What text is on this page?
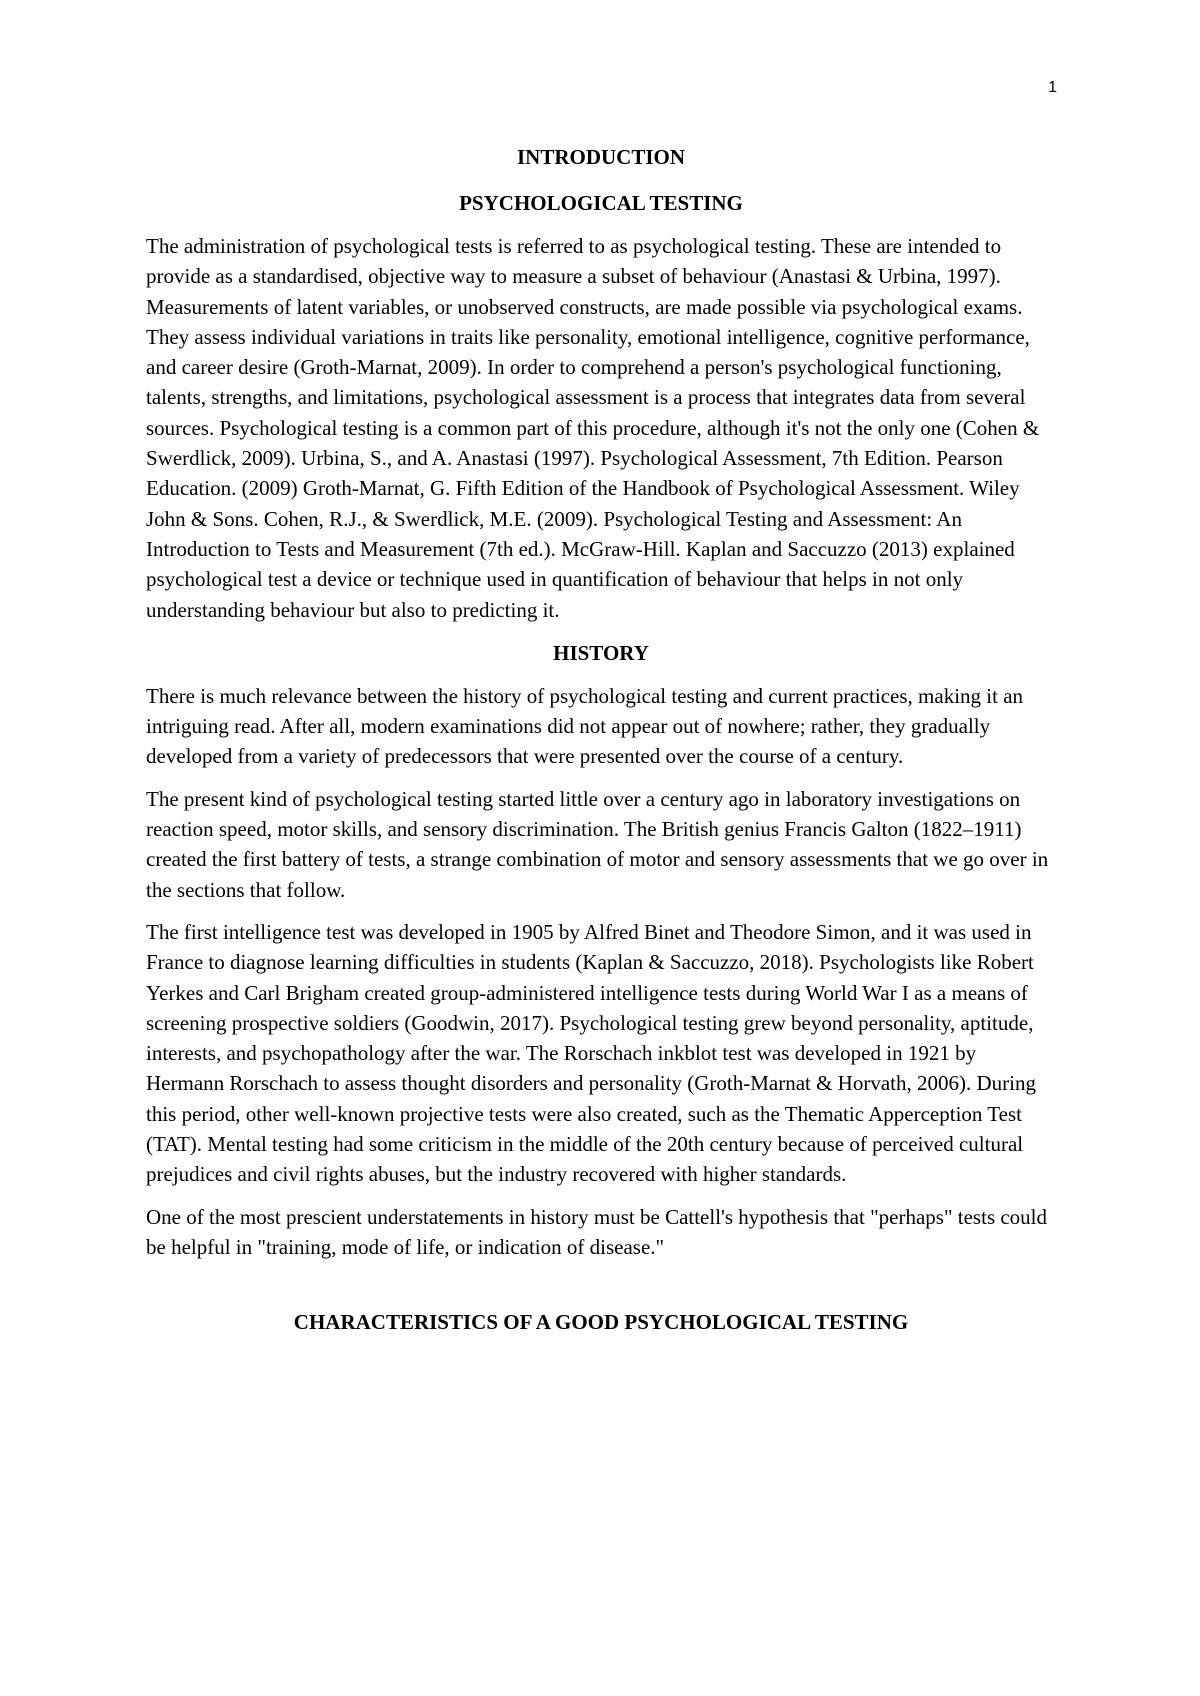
1
INTRODUCTION
PSYCHOLOGICAL TESTING

The administration of psychological tests is referred to as psychological testing. These are intended to provide as a standardised, objective way to measure a subset of behaviour (Anastasi & Urbina, 1997). Measurements of latent variables, or unobserved constructs, are made possible via psychological exams. They assess individual variations in traits like personality, emotional intelligence, cognitive performance, and career desire (Groth-Marnat, 2009). In order to comprehend a person's psychological functioning, talents, strengths, and limitations, psychological assessment is a process that integrates data from several sources. Psychological testing is a common part of this procedure, although it's not the only one (Cohen & Swerdlick, 2009). Urbina, S., and A. Anastasi (1997). Psychological Assessment, 7th Edition. Pearson Education. (2009) Groth-Marnat, G. Fifth Edition of the Handbook of Psychological Assessment. Wiley John & Sons. Cohen, R.J., & Swerdlick, M.E. (2009). Psychological Testing and Assessment: An Introduction to Tests and Measurement (7th ed.). McGraw-Hill. Kaplan and Saccuzzo (2013) explained psychological test a device or technique used in quantification of behaviour that helps in not only understanding behaviour but also to predicting it.

HISTORY

There is much relevance between the history of psychological testing and current practices, making it an intriguing read. After all, modern examinations did not appear out of nowhere; rather, they gradually developed from a variety of predecessors that were presented over the course of a century.

The present kind of psychological testing started little over a century ago in laboratory investigations on reaction speed, motor skills, and sensory discrimination. The British genius Francis Galton (1822–1911) created the first battery of tests, a strange combination of motor and sensory assessments that we go over in the sections that follow.

The first intelligence test was developed in 1905 by Alfred Binet and Theodore Simon, and it was used in France to diagnose learning difficulties in students (Kaplan & Saccuzzo, 2018). Psychologists like Robert Yerkes and Carl Brigham created group-administered intelligence tests during World War I as a means of screening prospective soldiers (Goodwin, 2017). Psychological testing grew beyond personality, aptitude, interests, and psychopathology after the war. The Rorschach inkblot test was developed in 1921 by Hermann Rorschach to assess thought disorders and personality (Groth-Marnat & Horvath, 2006). During this period, other well-known projective tests were also created, such as the Thematic Apperception Test (TAT). Mental testing had some criticism in the middle of the 20th century because of perceived cultural prejudices and civil rights abuses, but the industry recovered with higher standards.

One of the most prescient understatements in history must be Cattell's hypothesis that "perhaps" tests could be helpful in "training, mode of life, or indication of disease."

CHARACTERISTICS OF A GOOD PSYCHOLOGICAL TESTING
